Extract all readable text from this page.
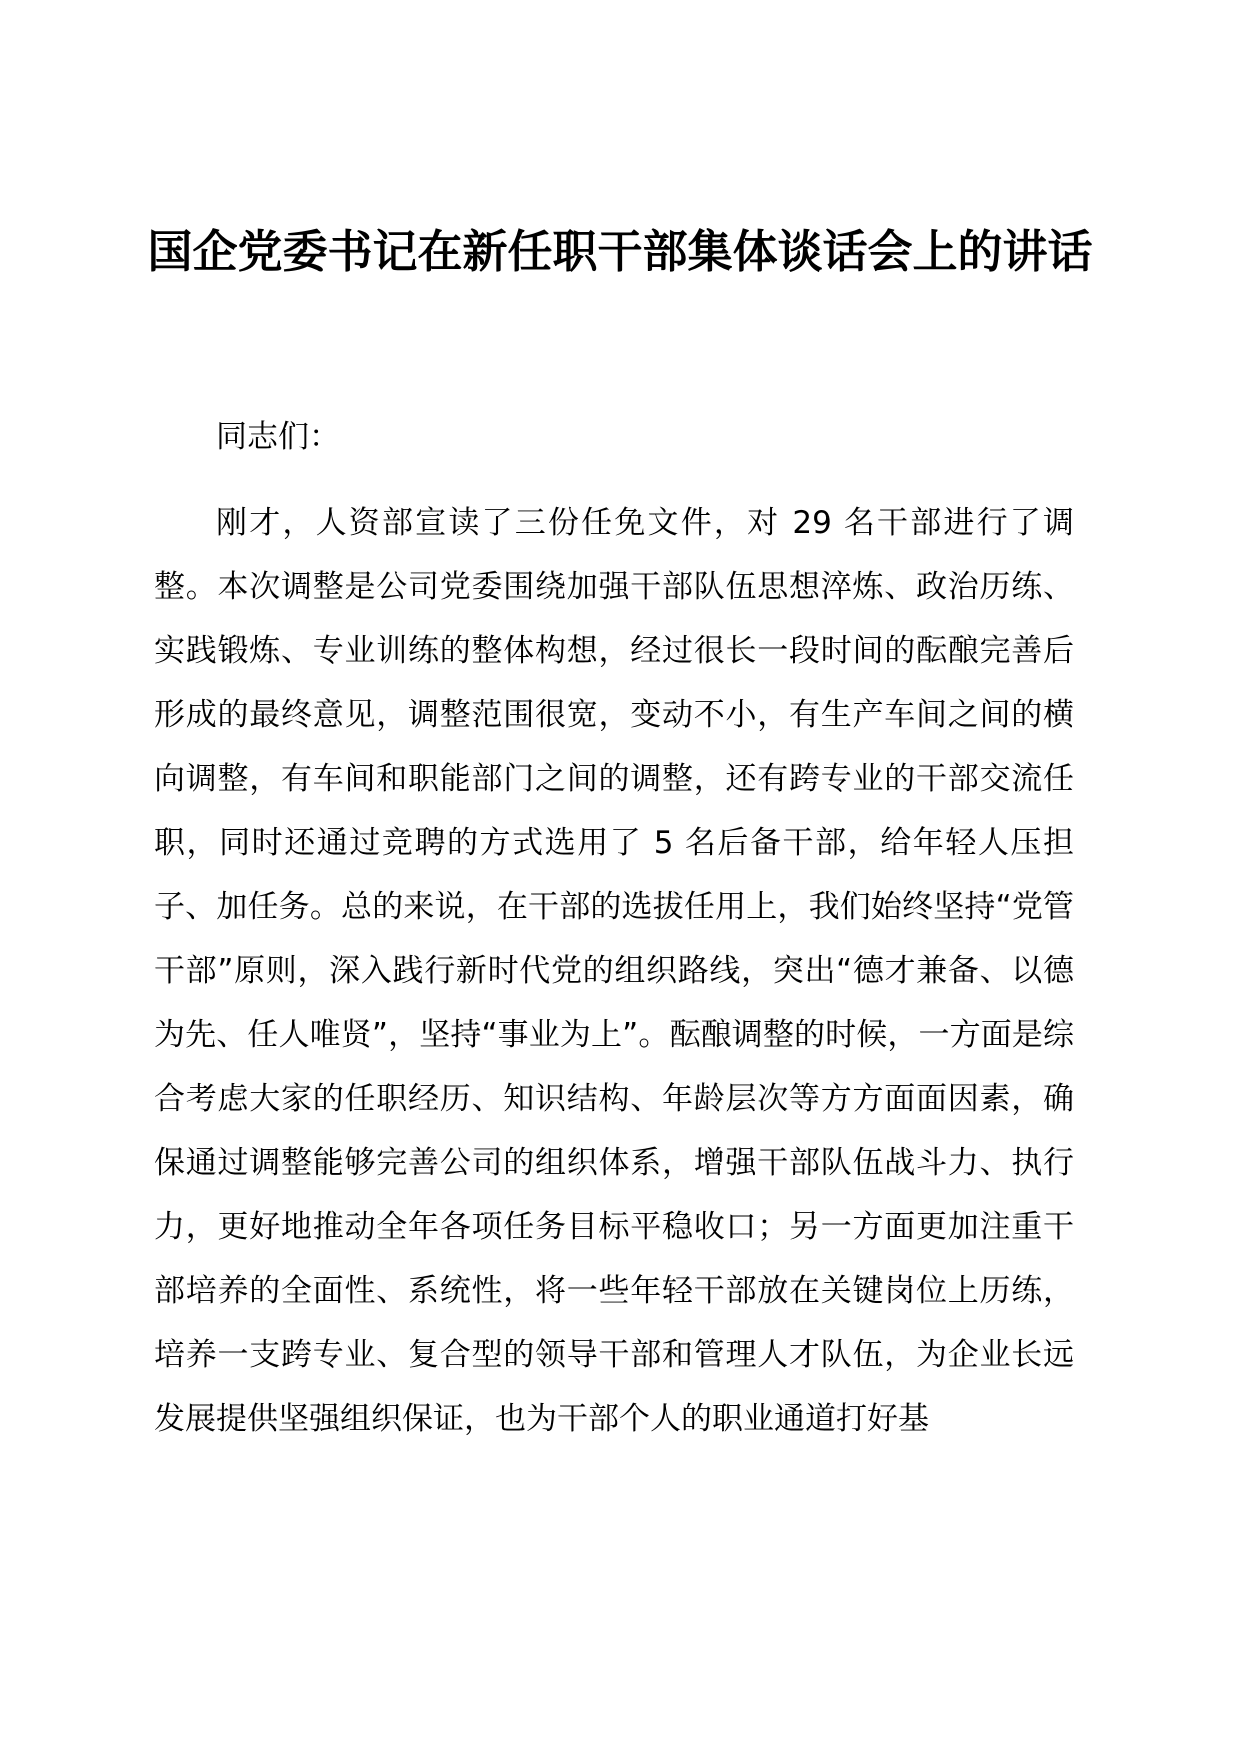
国企党委书记在新任职干部集体谈话会上的讲话

同志们：

刚才，人资部宣读了三份任免文件，对 29 名干部进行了调整。本次调整是公司党委围绕加强干部队伍思想淬炼、政治历练、实践锻炼、专业训练的整体构想，经过很长一段时间的酝酿完善后形成的最终意见，调整范围很宽，变动不小，有生产车间之间的横向调整，有车间和职能部门之间的调整，还有跨专业的干部交流任职，同时还通过竞聘的方式选用了 5 名后备干部，给年轻人压担子、加任务。总的来说，在干部的选拔任用上，我们始终坚持“党管干部”原则，深入践行新时代党的组织路线，突出“德才兼备、以德为先、任人唯贤”，坚持“事业为上”。酝酿调整的时候，一方面是综合考虑大家的任职经历、知识结构、年龄层次等方方面面因素，确保通过调整能够完善公司的组织体系，增强干部队伍战斗力、执行力，更好地推动全年各项任务目标平稳收口；另一方面更加注重干部培养的全面性、系统性，将一些年轻干部放在关键岗位上历练，培养一支跨专业、复合型的领导干部和管理人才队伍，为企业长远发展提供坚强组织保证，也为干部个人的职业通道打好基
